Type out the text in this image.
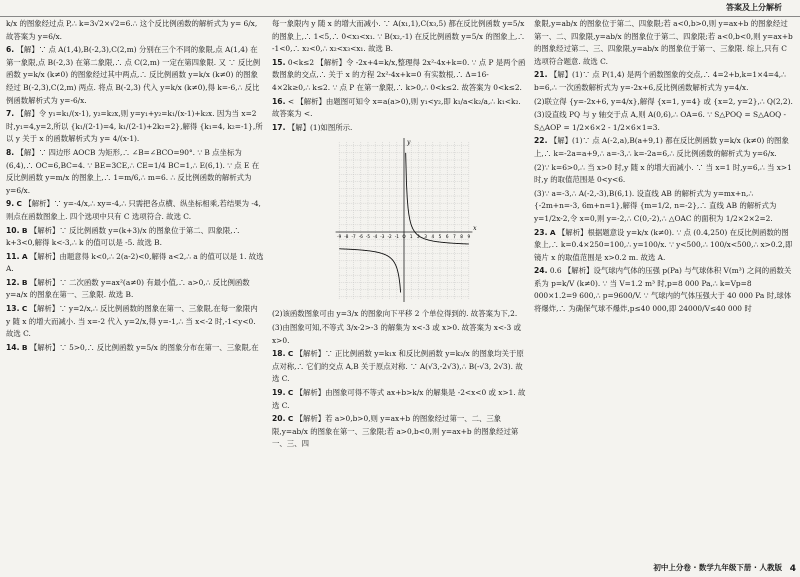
答案及上分解析
k/x 的图象经过点 P,∴ k=3√2×√2=6.∴ 这个反比例函数的解析式为 y= 6/x,故答案为 y=6/x.
6. 【解】∵ 点 A(1,4),B(-2,3),C(2,m) 分别在三个不同的象限,点 A(1,4) 在第一象限,点 B(-2,3) 在第二象限,∴ 点 C(2,m) 一定在第四象限. 又 ∵ 反比例函数 y=k/x (k≠0) 的图象经过其中两点,∴ 反比例函数 y=k/x (k≠0) 的图象经过 B(-2,3),C(2,m) 两点. 将点 B(-2,3) 代入 y=k/x (k≠0),得 k=-6,∴ 反比例函数解析式为 y=-6/x.
7. 【解】令 y₁=k₁/(x-1), y₂=k₂x,则 y=y₁+y₂=k₁/(x-1)+k₂x. 因为当 x=2 时,y₁=4,y=2,所以 {k₁/(2-1)=4, k₁/(2-1)+2k₂=2},解得 {k₁=4, k₂=-1},所以 y 关于 x 的函数解析式为 y= 4/(x-1).
8. 【解】∵ 四边形 AOCB 为矩形,∴ ∠B=∠BCO=90°. ∵ B 点坐标为(6,4),∴ OC=6,BC=4. ∵ BE=3CE,∴ CE=1/4 BC=1,∴ E(6,1). ∵ 点 E 在反比例函数 y=m/x 的图象上,∴ 1=m/6,∴ m=6. ∴ 反比例函数的解析式为 y=6/x.
9. C 【解析】∵ y=-4/x,∴ xy=-4,∴ 只需把各点横、纵坐标相乘,若结果为 -4,则点在函数图象上. 四个选项中只有 C 选项符合. 故选 C.
10. B 【解析】∵ 反比例函数 y=(k+3)/x 的图象位于第二、四象限,∴ k+3<0,解得 k<-3,∴ k 的值可以是 -5. 故选 B.
11. A 【解析】由题意得 k<0,∴ 2(a-2)<0,解得 a<2,∴ a 的值可以是 1. 故选 A.
12. B 【解析】∵ 二次函数 y=ax²(a≠0) 有最小值,∴ a>0,∴ 反比例函数 y=a/x 的图象在第一、三象限. 故选 B.
13. C 【解析】∵ y=2/x,∴ 反比例函数的图象在第一、三象限,在每一象限内 y 随 x 的增大而减小. 当 x=-2 代入 y=2/x,得 y=-1,∴ 当 x<-2 时,-1<y<0. 故选 C.
14. B 【解析】∵ 5>0,∴ 反比例函数 y=5/x 的图象分布在第一、三象限,在
每一象限内 y 随 x 的增大而减小. ∵ A(x₁,1),C(x₃,5) 都在反比例函数 y=5/x 的图象上,∴ 1<5,∴ 0<x₃<x₁. ∵ B(x₂,-1) 在反比例函数 y=5/x 的图象上,∴ -1<0,∴ x₂<0,∴ x₂<x₃<x₁. 故选 B.
15. 0<k≤2 【解析】令 -2x+4=k/x,整理得 2x²-4x+k=0. ∵ 点 P 是两个函数图象的交点,∴ 关于 x 的方程 2x²-4x+k=0 有实数根,∴ Δ=16-4×2k≥0,∴ k≤2. ∵ 点 P 在第一象限,∴ k>0,∴ 0<k≤2. 故答案为 0<k≤2.
16. < 【解析】由题图可知令 x=a(a>0),则 y₁<y₂,即 k₁/a<k₂/a,∴ k₁<k₂. 故答案为 <.
17. 【解】(1)如图所示.
-9 -8 -7 -6 -5 -4 -3 -2 -1 O 1 2 3 4 5 6 7 8 9
x
y
(2)该函数图象可由 y=3/x 的图象向下平移 2 个单位得到的. 故答案为下,2.
(3)由图象可知,不等式 3/x-2>-3 的解集为 x<-3 或 x>0. 故答案为 x<-3 或 x>0.
18. C 【解析】∵ 正比例函数 y=k₁x 和反比例函数 y=k₂/x 的图象均关于原点对称,∴ 它们的交点 A,B 关于原点对称. ∵ A(√3,-2√3),∴ B(-√3, 2√3). 故选 C.
19. C 【解析】由图象可得不等式 ax+b>k/x 的解集是 -2<x<0 或 x>1. 故选 C.
20. C 【解析】若 a>0,b>0,则 y=ax+b 的图象经过第一、二、三象限,y=ab/x 的图象在第一、三象限;若 a>0,b<0,则 y=ax+b 的图象经过第一、三、四
象限,y=ab/x 的图象位于第二、四象限;若 a<0,b>0,则 y=ax+b 的图象经过第一、二、四象限,y=ab/x 的图象位于第二、四象限;若 a<0,b<0,则 y=ax+b 的图象经过第二、三、四象限,y=ab/x 的图象位于第一、三象限. 综上,只有 C 选项符合题意. 故选 C.
21. 【解】(1)∵ 点 P(1,4) 是两个函数图象的交点,∴ 4=2+b,k=1×4=4,∴ b=6,∴ 一次函数解析式为 y=-2x+6,反比例函数解析式为 y=4/x.
(2)联立得 {y=-2x+6, y=4/x},解得 {x=1, y=4} 或 {x=2, y=2},∴ Q(2,2).
(3)设直线 PQ 与 y 轴交于点 A,则 A(0,6),∴ OA=6. ∵ S△POQ = S△AOQ - S△AOP = 1/2×6×2 - 1/2×6×1=3.
22. 【解】(1)∵ 点 A(-2,a),B(a+9,1) 都在反比例函数 y=k/x (k≠0) 的图象上,∴ k=-2a=a+9,∴ a=-3,∴ k=-2a=6,∴ 反比例函数的解析式为 y=6/x.
(2)∵ k=6>0,∴ 当 x>0 时,y 随 x 的增大而减小. ∵ 当 x=1 时,y=6,∴ 当 x>1 时,y 的取值范围是 0<y<6.
(3)∵ a=-3,∴ A(-2,-3),B(6,1). 设直线 AB 的解析式为 y=mx+n,∴ {-2m+n=-3, 6m+n=1},解得 {m=1/2, n=-2},∴ 直线 AB 的解析式为 y=1/2x-2,令 x=0,则 y=-2,∴ C(0,-2),∴ △OAC 的面积为 1/2×2×2=2.
23. A 【解析】根据题意设 y=k/x (k≠0). ∵ 点 (0.4,250) 在反比例函数的图象上,∴ k=0.4×250=100,∴ y=100/x. ∵ y<500,∴ 100/x<500,∴ x>0.2,即镜片 x 的取值范围是 x>0.2 m. 故选 A.
24. 0.6 【解析】设气球内气体的压强 p(Pa) 与气球体积 V(m³) 之间的函数关系为 p=k/V (k≠0). ∵ 当 V=1.2 m³ 时,p=8 000 Pa,∴ k=Vp=8 000×1.2=9 600,∴ p=9600/V. ∵ 气球内的气体压强大于 40 000 Pa 时,球体将爆炸,∴ 为确保气球不爆炸,p≤40 000,即 24000/V≤40 000 时
初中上分卷 · 数学九年级下册 · 人教版 4
